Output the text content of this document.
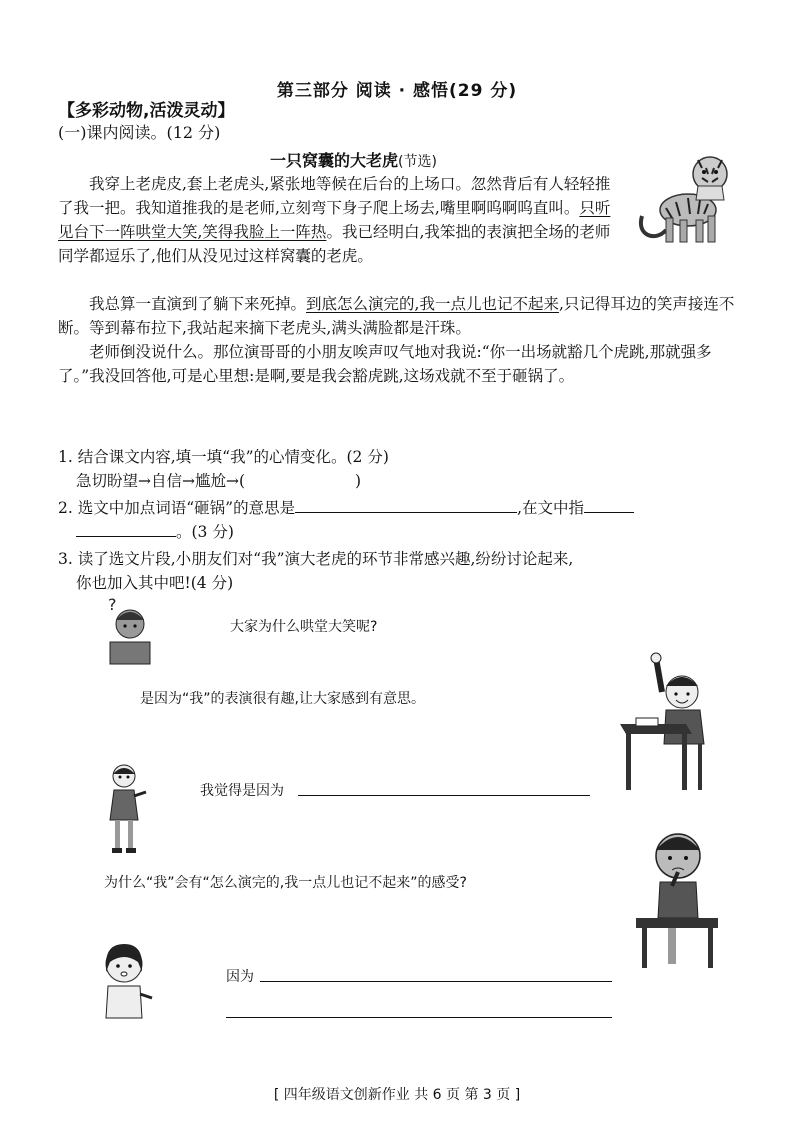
第三部分 阅读 · 感悟(29 分)
【多彩动物,活泼灵动】
(一)课内阅读。(12 分)
一只窝囊的大老虎(节选)

我穿上老虎皮,套上老虎头,紧张地等候在后台的上场口。忽然背后有人轻轻推了我一把。我知道推我的是老师,立刻弯下身子爬上场去,嘴里啊呜啊呜直叫。只听见台下一阵哄堂大笑,笑得我脸上一阵热。我已经明白,我笨拙的表演把全场的老师同学都逗乐了,他们从没见过这样窝囊的老虎。

我总算一直演到了躺下来死掉。到底怎么演完的,我一点儿也记不起来,只记得耳边的笑声接连不断。等到幕布拉下,我站起来摘下老虎头,满头满脸都是汗珠。

老师倒没说什么。那位演哥哥的小朋友唉声叹气地对我说:“你一出场就豁几个虎跳,那就强多了。”我没回答他,可是心里想:是啊,要是我会豁虎跳,这场戏就不至于砸锅了。

1. 结合课文内容,填一填“我”的心情变化。(2 分)
急切盼望→自信→尴尬→(	)
2. 选文中加点词语“砸锅”的意思是	,在文中指
。(3 分)
3. 读了选文片段,小朋友们对“我”演大老虎的环节非常感兴趣,纷纷讨论起来,
你也加入其中吧!(4 分)
?
大家为什么哄堂大笑呢?
是因为“我”的表演很有趣,让大家感到有意思。
我觉得是因为
为什么“我”会有“怎么演完的,我一点儿也记不起来”的感受?
因为
[ 四年级语文创新作业 共 6 页 第 3 页 ]
